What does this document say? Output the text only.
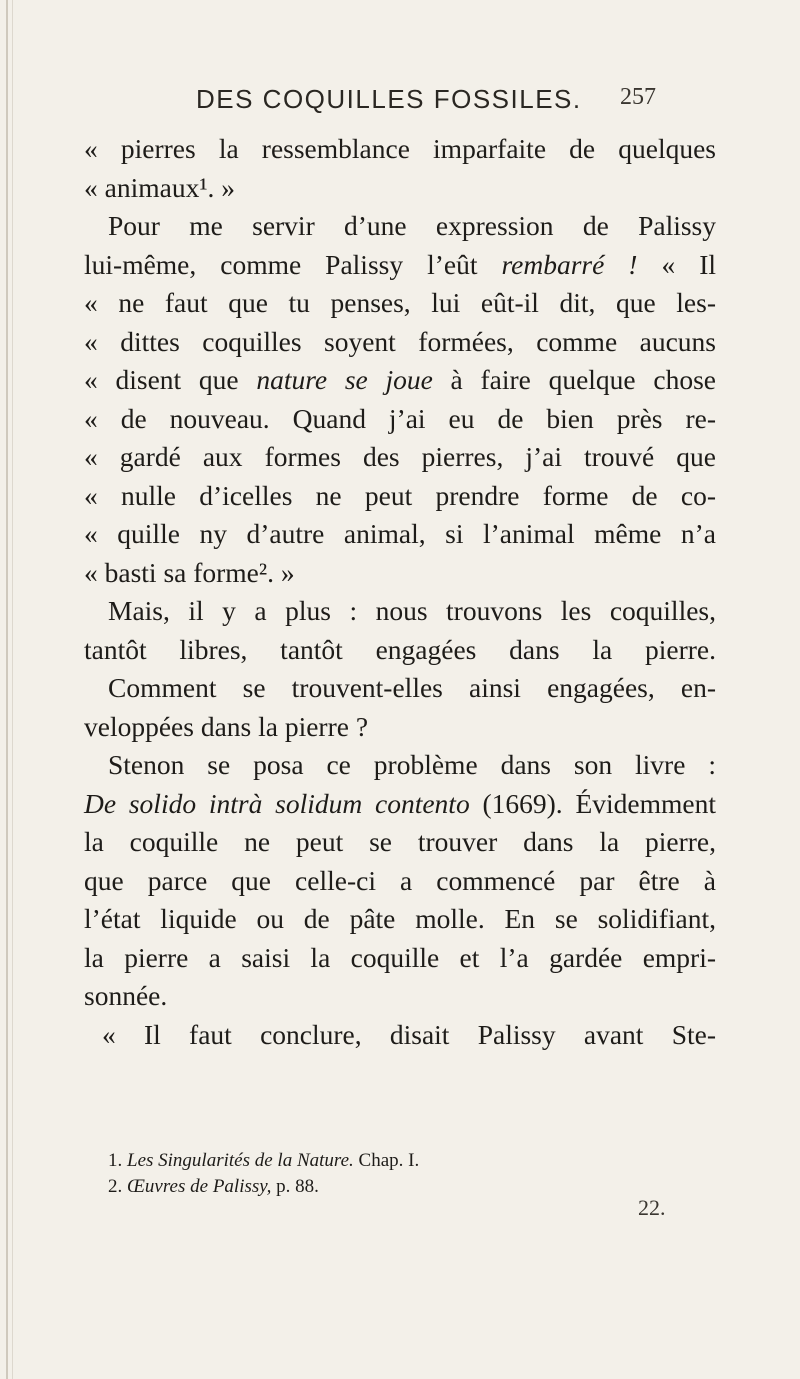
DES COQUILLES FOSSILES. 257
« pierres la ressemblance imparfaite de quelques
« animaux¹. »
Pour me servir d’une expression de Palissy
lui-même, comme Palissy l’eût rembarré ! « Il
« ne faut que tu penses, lui eût-il dit, que les-
« dittes coquilles soyent formées, comme aucuns
« disent que nature se joue à faire quelque chose
« de nouveau. Quand j’ai eu de bien près re-
« gardé aux formes des pierres, j’ai trouvé que
« nulle d’icelles ne peut prendre forme de co-
« quille ny d’autre animal, si l’animal même n’a
« basti sa forme². »
Mais, il y a plus : nous trouvons les coquilles,
tantôt libres, tantôt engagées dans la pierre.
Comment se trouvent-elles ainsi engagées, en-
veloppées dans la pierre ?
Stenon se posa ce problème dans son livre :
De solido intrà solidum contento (1669). Évidemment
la coquille ne peut se trouver dans la pierre,
que parce que celle-ci a commencé par être à
l’état liquide ou de pâte molle. En se solidifiant,
la pierre a saisi la coquille et l’a gardée empri-
sonnée.
« Il faut conclure, disait Palissy avant Ste-
1. Les Singularités de la Nature. Chap. I.
2. Œuvres de Palissy, p. 88.
22.
